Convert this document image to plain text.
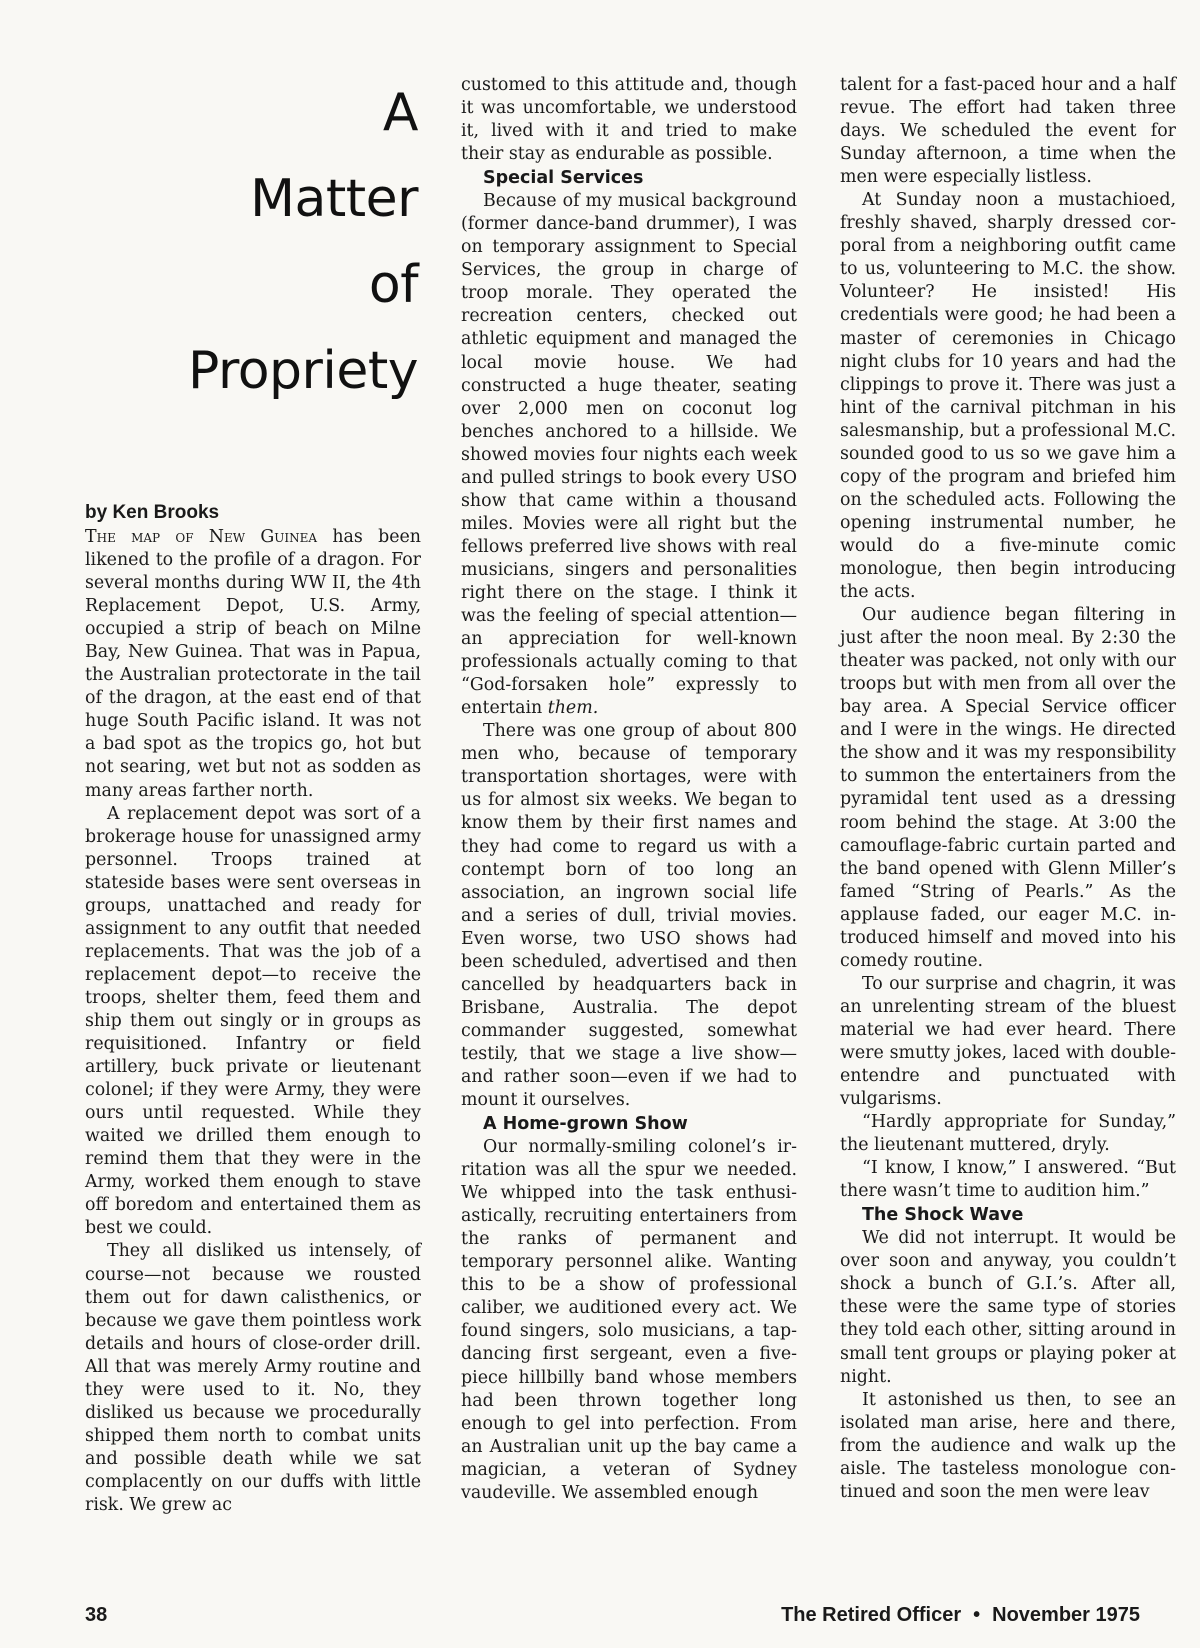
A
Matter
of
Propriety

by Ken Brooks

The map of New Guinea has been likened to the profile of a dragon. For several months during WW II, the 4th Replacement Depot, U.S. Army, occupied a strip of beach on Milne Bay, New Guinea. That was in Papua, the Australian protectorate in the tail of the dragon, at the east end of that huge South Pacific island. It was not a bad spot as the tropics go, hot but not searing, wet but not as sodden as many areas farther north.

A replacement depot was sort of a brokerage house for unassigned army personnel. Troops trained at stateside bases were sent overseas in groups, unattached and ready for assignment to any outfit that needed replacements. That was the job of a replacement depot—to receive the troops, shelter them, feed them and ship them out singly or in groups as requisitioned. Infantry or field artillery, buck private or lieutenant colonel; if they were Army, they were ours until requested. While they waited we drilled them enough to remind them that they were in the Army, worked them enough to stave off boredom and entertained them as best we could.

They all disliked us intensely, of course—not because we rousted them out for dawn calisthenics, or because we gave them pointless work details and hours of close-order drill. All that was merely Army routine and they were used to it. No, they disliked us because we procedurally shipped them north to combat units and possible death while we sat complacently on our duffs with little risk. We grew ac

customed to this attitude and, though it was uncomfortable, we understood it, lived with it and tried to make their stay as endurable as possible.

Special Services

Because of my musical background (former dance-band drummer), I was on temporary assignment to Special Services, the group in charge of troop morale. They operated the recreation centers, checked out athletic equipment and managed the local movie house. We had constructed a huge theater, seating over 2,000 men on coconut log benches anchored to a hillside. We showed movies four nights each week and pulled strings to book every USO show that came within a thousand miles. Movies were all right but the fellows preferred live shows with real musicians, singers and personalities right there on the stage. I think it was the feeling of special attention—an appreciation for well-known professionals actually coming to that “God-forsaken hole” expressly to entertain them.

There was one group of about 800 men who, because of temporary transportation shortages, were with us for almost six weeks. We began to know them by their first names and they had come to regard us with a contempt born of too long an association, an ingrown social life and a series of dull, trivial movies. Even worse, two USO shows had been scheduled, advertised and then cancelled by headquarters back in Brisbane, Australia. The depot commander suggested, somewhat testily, that we stage a live show—and rather soon—even if we had to mount it ourselves.

A Home-grown Show

Our normally-smiling colonel’s irritation was all the spur we needed. We whipped into the task enthusiastically, recruiting entertainers from the ranks of permanent and temporary personnel alike. Wanting this to be a show of professional caliber, we auditioned every act. We found singers, solo musicians, a tap-dancing first sergeant, even a five-piece hillbilly band whose members had been thrown together long enough to gel into perfection. From an Australian unit up the bay came a magician, a veteran of Sydney vaudeville. We assembled enough

talent for a fast-paced hour and a half revue. The effort had taken three days. We scheduled the event for Sunday afternoon, a time when the men were especially listless.

At Sunday noon a mustachioed, freshly shaved, sharply dressed corporal from a neighboring outfit came to us, volunteering to M.C. the show. Volunteer? He insisted! His credentials were good; he had been a master of ceremonies in Chicago night clubs for 10 years and had the clippings to prove it. There was just a hint of the carnival pitchman in his salesmanship, but a professional M.C. sounded good to us so we gave him a copy of the program and briefed him on the scheduled acts. Following the opening instrumental number, he would do a five-minute comic monologue, then begin introducing the acts.

Our audience began filtering in just after the noon meal. By 2:30 the theater was packed, not only with our troops but with men from all over the bay area. A Special Service officer and I were in the wings. He directed the show and it was my responsibility to summon the entertainers from the pyramidal tent used as a dressing room behind the stage. At 3:00 the camouflage-fabric curtain parted and the band opened with Glenn Miller’s famed “String of Pearls.” As the applause faded, our eager M.C. introduced himself and moved into his comedy routine.

To our surprise and chagrin, it was an unrelenting stream of the bluest material we had ever heard. There were smutty jokes, laced with double-entendre and punctuated with vulgarisms.

“Hardly appropriate for Sunday,” the lieutenant muttered, dryly.

“I know, I know,” I answered. “But there wasn’t time to audition him.”

The Shock Wave

We did not interrupt. It would be over soon and anyway, you couldn’t shock a bunch of G.I.’s. After all, these were the same type of stories they told each other, sitting around in small tent groups or playing poker at night.

It astonished us then, to see an isolated man arise, here and there, from the audience and walk up the aisle. The tasteless monologue continued and soon the men were leav

38	The Retired Officer • November 1975
